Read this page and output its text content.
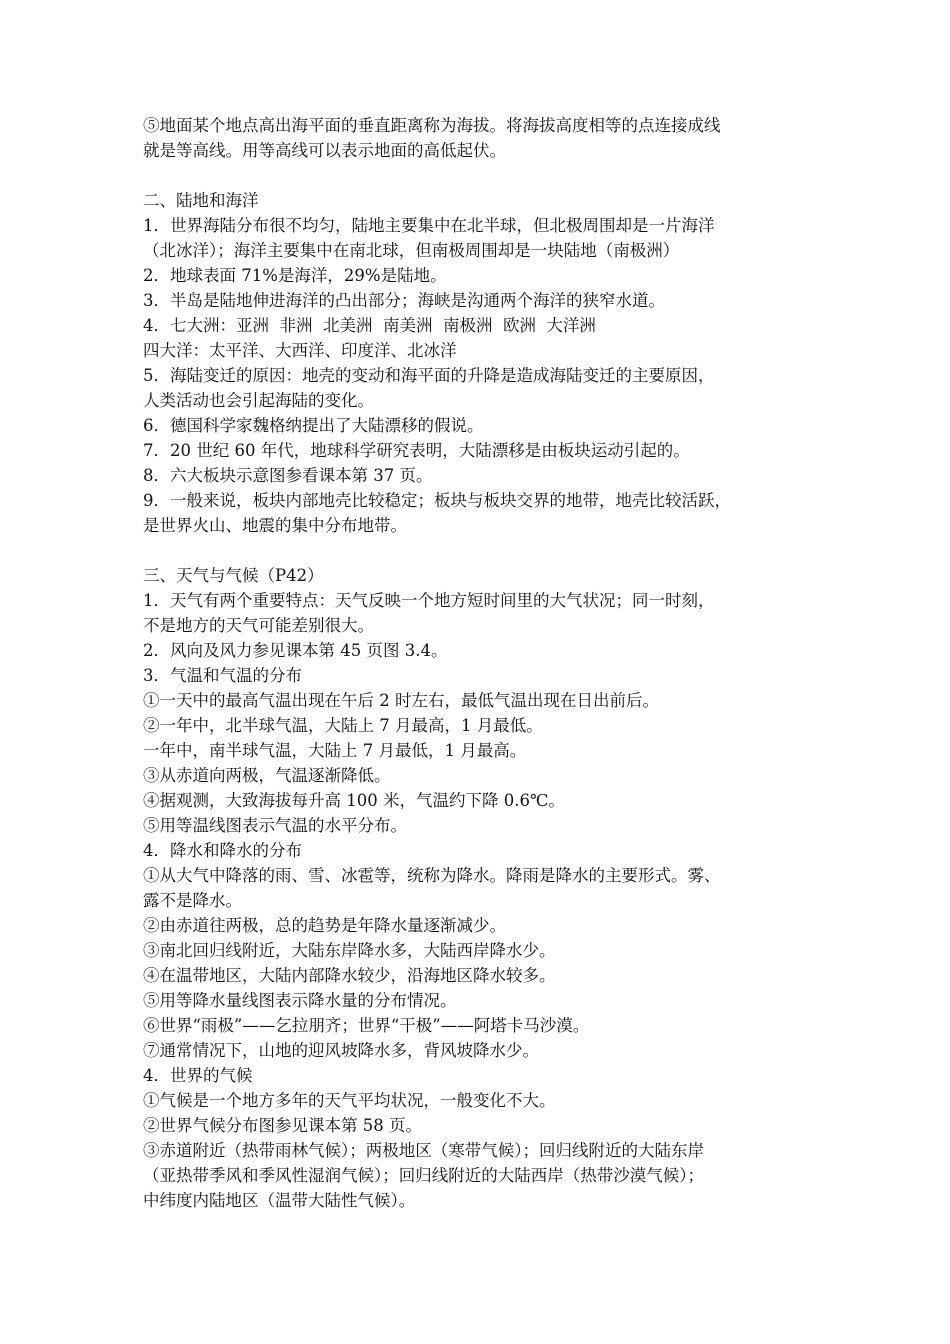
⑤地面某个地点高出海平面的垂直距离称为海拔。将海拔高度相等的点连接成线
就是等高线。用等高线可以表示地面的高低起伏。
二、陆地和海洋
1．世界海陆分布很不均匀，陆地主要集中在北半球，但北极周围却是一片海洋
（北冰洋）；海洋主要集中在南北球，但南极周围却是一块陆地（南极洲）
2．地球表面 71%是海洋，29%是陆地。
3．半岛是陆地伸进海洋的凸出部分；海峡是沟通两个海洋的狭窄水道。
4．七大洲：亚洲  非洲  北美洲  南美洲  南极洲  欧洲  大洋洲
四大洋：太平洋、大西洋、印度洋、北冰洋
5．海陆变迁的原因：地壳的变动和海平面的升降是造成海陆变迁的主要原因，
人类活动也会引起海陆的变化。
6．德国科学家魏格纳提出了大陆漂移的假说。
7．20 世纪 60 年代，地球科学研究表明，大陆漂移是由板块运动引起的。
8．六大板块示意图参看课本第 37 页。
9．一般来说，板块内部地壳比较稳定；板块与板块交界的地带，地壳比较活跃，
是世界火山、地震的集中分布地带。
三、天气与气候（P42）
1．天气有两个重要特点：天气反映一个地方短时间里的大气状况；同一时刻，
不是地方的天气可能差别很大。
2．风向及风力参见课本第 45 页图 3.4。
3．气温和气温的分布
①一天中的最高气温出现在午后 2 时左右，最低气温出现在日出前后。
②一年中，北半球气温，大陆上 7 月最高，1 月最低。
一年中，南半球气温，大陆上 7 月最低，1 月最高。
③从赤道向两极，气温逐渐降低。
④据观测，大致海拔每升高 100 米，气温约下降 0.6℃。
⑤用等温线图表示气温的水平分布。
4．降水和降水的分布
①从大气中降落的雨、雪、冰雹等，统称为降水。降雨是降水的主要形式。雾、
露不是降水。
②由赤道往两极，总的趋势是年降水量逐渐减少。
③南北回归线附近，大陆东岸降水多，大陆西岸降水少。
④在温带地区，大陆内部降水较少，沿海地区降水较多。
⑤用等降水量线图表示降水量的分布情况。
⑥世界“雨极”——乞拉朋齐；世界“干极”——阿塔卡马沙漠。
⑦通常情况下，山地的迎风坡降水多，背风坡降水少。
4．世界的气候
①气候是一个地方多年的天气平均状况，一般变化不大。
②世界气候分布图参见课本第 58 页。
③赤道附近（热带雨林气候）；两极地区（寒带气候）；回归线附近的大陆东岸
（亚热带季风和季风性湿润气候）；回归线附近的大陆西岸（热带沙漠气候）；
中纬度内陆地区（温带大陆性气候）。
